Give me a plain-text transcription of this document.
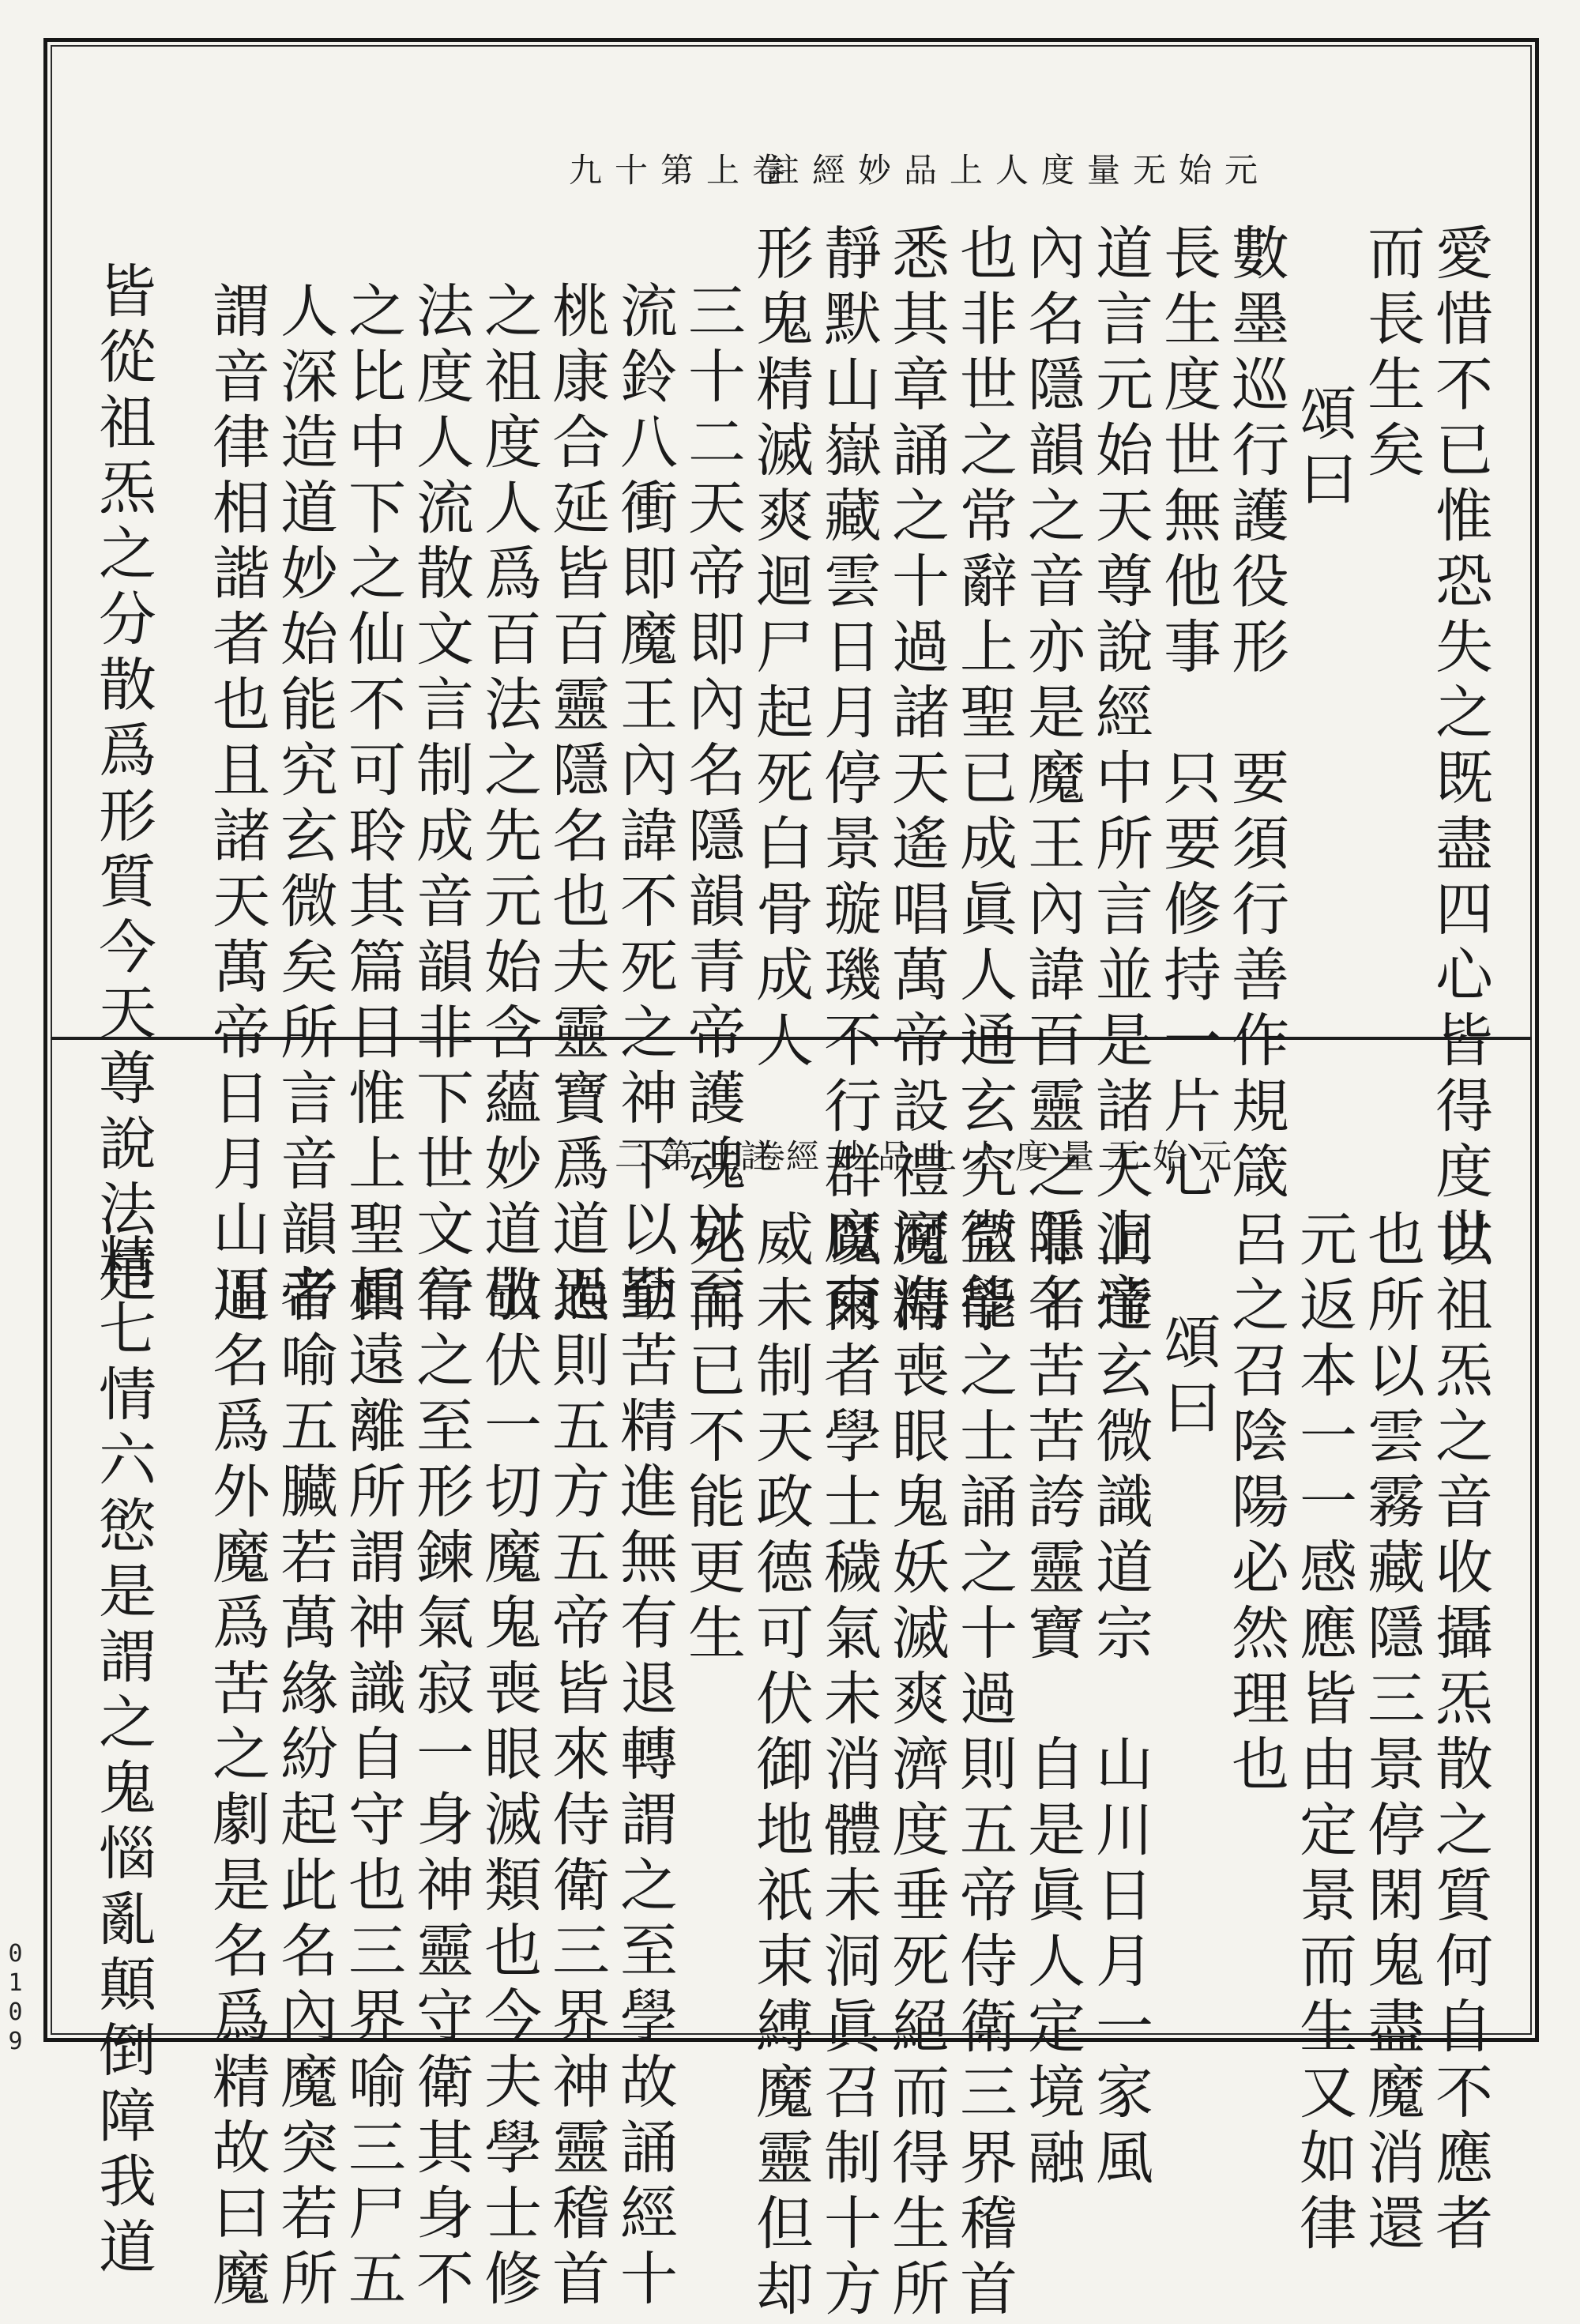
元始无量度人上品妙經註
卷上第十九
愛惜不已惟恐失之既盡四心皆得度世
而長生矣
頌曰
數墨巡行護役形　要須行善作規箴
長生度世無他事　只要修持一片心
道言元始天尊說經中所言並是諸天上帝
內名隱韻之音亦是魔王內諱百靈之隱名
也非世之常辭上聖已成眞人通玄究微能
悉其章誦之十過諸天遙唱萬帝設禮河海
靜默山嶽藏雲日月停景璇璣不行群魔束
形鬼精滅爽迴尸起死白骨成人
三十二天帝即內名隱韻青帝護魂以至
流鈴八衝即魔王內諱不死之神下以至
桃康合延皆百靈隱名也夫靈寶爲道炁
之祖度人爲百法之先元始含蘊妙道出
法度人流散文言制成音韻非下世文章
之比中下之仙不可聆其篇目惟上聖眞
人深造道妙始能究玄微矣所言音韻者
謂音律相諧者也且諸天萬帝日月山川
皆從祖炁之分散爲形質今天尊說法是	元始无量度人上品妙經註
卷上第二十
以祖炁之音收攝炁散之質何自不應者
也所以雲霧藏隱三景停閑鬼盡魔消還
元返本一一感應皆由定景而生又如律
呂之召陰陽必然理也
頌曰
洞達玄微識道宗　山川日月一家風
非干苦苦誇靈寶　自是眞人定境融
至學之士誦之十過則五帝侍衛三界稽首
魔精喪眼鬼妖滅爽濟度垂死絕而得生所
以爾者學士穢氣未消體未洞眞召制十方
威未制天政德可伏御地祇束縛魔靈但却
死而已不能更生
勤苦精進無有退轉謂之至學故誦經十
過則五方五帝皆來侍衛三界神靈稽首
敬伏一切魔鬼喪眼滅類也今夫學士修
行之至形鍊氣寂一身神靈守衛其身不
相遠離所謂神識自守也三界喻三尸五
帝喻五臟若萬緣紛起此名內魔突若所
逼名爲外魔爲苦之劇是名爲精故曰魔
精七情六慾是謂之鬼惱亂顛倒障我道
0109
